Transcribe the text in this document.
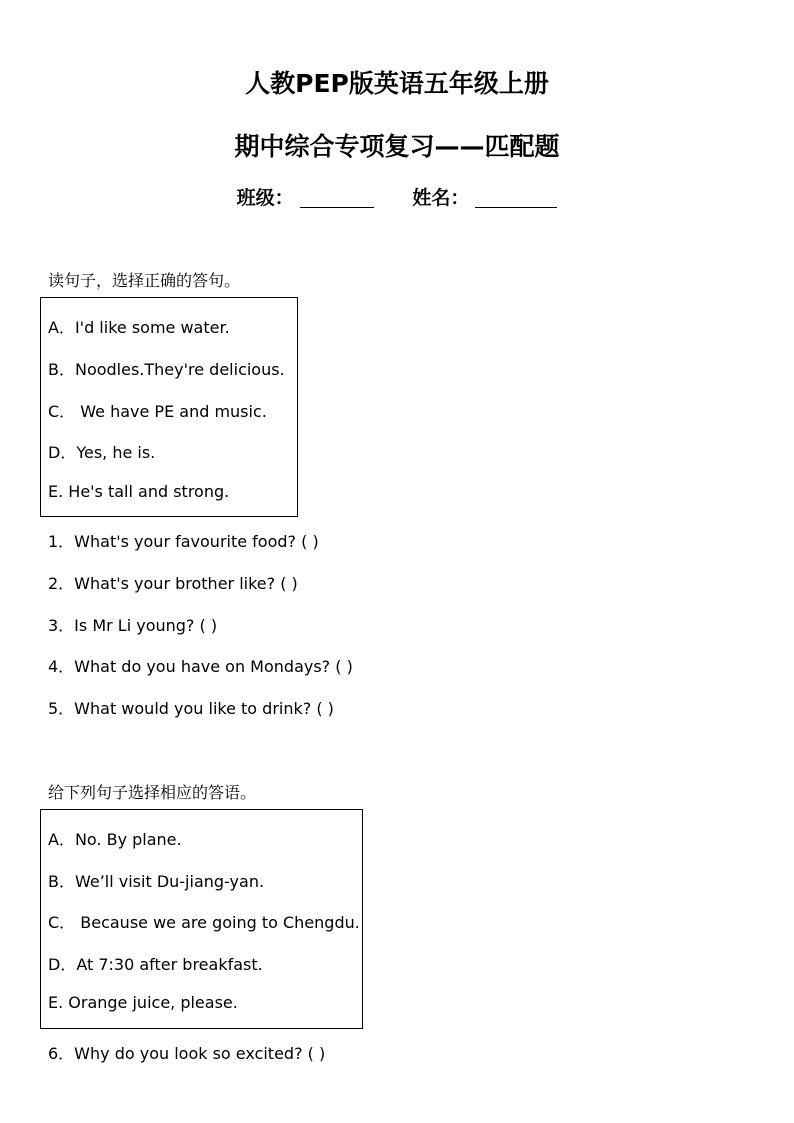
人教PEP版英语五年级上册
期中综合专项复习——匹配题
班级：	姓名：
读句子，选择正确的答句。
A．I'd like some water.
B．Noodles.They're delicious.
C． We have PE and music.
D．Yes, he is.
E. He's tall and strong.
1．What's your favourite food? ( )
2．What's your brother like? ( )
3．Is Mr Li young? ( )
4．What do you have on Mondays? ( )
5．What would you like to drink? ( )
给下列句子选择相应的答语。
A．No. By plane.
B．We’ll visit Du-jiang-yan.
C． Because we are going to Chengdu.
D．At 7:30 after breakfast.
E. Orange juice, please.
6．Why do you look so excited? ( )
